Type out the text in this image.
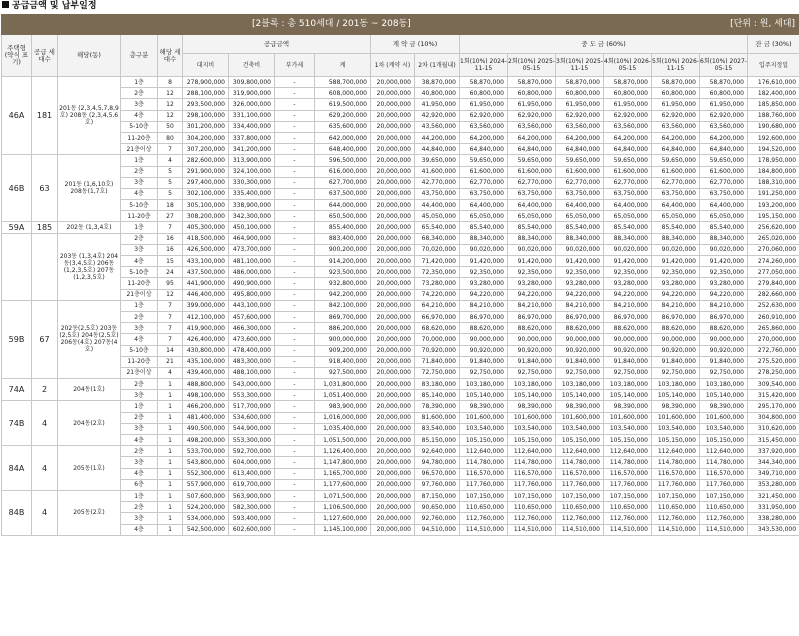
공급금액 및 납부일정
[2블록 : 총 510세대 / 201동 ~ 208동] [단위 : 원, 세대]																	

주택형 (약식 표기)	공급 세대수	해당(동)	층구분	해당 세대수	공급금액				계 약 금 (10%)		중 도 금 (60%)						잔 금 (30%)
					대지비	건축비	부가세	계	1차 (계약 시)	2차 (1개월내)	1회(10%) 2024-11-15	2회(10%) 2025-05-15	3회(10%) 2025-11-15	4회(10%) 2026-05-15	5회(10%) 2026-11-15	6회(10%) 2027-05-15	입주지정일
46A	181	201동 (2,3,4,5,7,8,9호) 208동 (2,3,4,5,6호)	1층	8	278,900,000	309,800,000	-	588,700,000	20,000,000	38,870,000	58,870,000	58,870,000	58,870,000	58,870,000	58,870,000	58,870,000	176,610,000
			2층	12	288,100,000	319,900,000	-	608,000,000	20,000,000	40,800,000	60,800,000	60,800,000	60,800,000	60,800,000	60,800,000	60,800,000	182,400,000
			3층	12	293,500,000	326,000,000	-	619,500,000	20,000,000	41,950,000	61,950,000	61,950,000	61,950,000	61,950,000	61,950,000	61,950,000	185,850,000
			4층	12	298,100,000	331,100,000	-	629,200,000	20,000,000	42,920,000	62,920,000	62,920,000	62,920,000	62,920,000	62,920,000	62,920,000	188,760,000
			5-10층	50	301,200,000	334,400,000	-	635,600,000	20,000,000	43,560,000	63,560,000	63,560,000	63,560,000	63,560,000	63,560,000	63,560,000	190,680,000
			11-20층	80	304,200,000	337,800,000	-	642,000,000	20,000,000	44,200,000	64,200,000	64,200,000	64,200,000	64,200,000	64,200,000	64,200,000	192,600,000
			21층이상	7	307,200,000	341,200,000	-	648,400,000	20,000,000	44,840,000	64,840,000	64,840,000	64,840,000	64,840,000	64,840,000	64,840,000	194,520,000
46B	63	201동 (1,6,10호) 208동(1,7호)	1층	4	282,600,000	313,900,000	-	596,500,000	20,000,000	39,650,000	59,650,000	59,650,000	59,650,000	59,650,000	59,650,000	59,650,000	178,950,000
			2층	5	291,900,000	324,100,000	-	616,000,000	20,000,000	41,600,000	61,600,000	61,600,000	61,600,000	61,600,000	61,600,000	61,600,000	184,800,000
			3층	5	297,400,000	330,300,000	-	627,700,000	20,000,000	42,770,000	62,770,000	62,770,000	62,770,000	62,770,000	62,770,000	62,770,000	188,310,000
			4층	5	302,100,000	335,400,000	-	637,500,000	20,000,000	43,750,000	63,750,000	63,750,000	63,750,000	63,750,000	63,750,000	63,750,000	191,250,000
			5-10층	18	305,100,000	338,900,000	-	644,000,000	20,000,000	44,400,000	64,400,000	64,400,000	64,400,000	64,400,000	64,400,000	64,400,000	193,200,000
			11-20층	27	308,200,000	342,300,000	-	650,500,000	20,000,000	45,050,000	65,050,000	65,050,000	65,050,000	65,050,000	65,050,000	65,050,000	195,150,000
59A	185	202동 (1,3,4호)	1층	7	405,300,000	450,100,000	-	855,400,000	20,000,000	65,540,000	85,540,000	85,540,000	85,540,000	85,540,000	85,540,000	85,540,000	256,620,000
		203동 (1,3,4호) 204동(3,4,5호) 206동 (1,2,3,5호) 207동 (1,2,3,5호)	2층	16	418,500,000	464,900,000	-	883,400,000	20,000,000	68,340,000	88,340,000	88,340,000	88,340,000	88,340,000	88,340,000	88,340,000	265,020,000
			3층	16	426,500,000	473,700,000	-	900,200,000	20,000,000	70,020,000	90,020,000	90,020,000	90,020,000	90,020,000	90,020,000	90,020,000	270,060,000
			4층	15	433,100,000	481,100,000	-	914,200,000	20,000,000	71,420,000	91,420,000	91,420,000	91,420,000	91,420,000	91,420,000	91,420,000	274,260,000
			5-10층	24	437,500,000	486,000,000	-	923,500,000	20,000,000	72,350,000	92,350,000	92,350,000	92,350,000	92,350,000	92,350,000	92,350,000	277,050,000
			11-20층	95	441,900,000	490,900,000	-	932,800,000	20,000,000	73,280,000	93,280,000	93,280,000	93,280,000	93,280,000	93,280,000	93,280,000	279,840,000
			21층이상	12	446,400,000	495,800,000	-	942,200,000	20,000,000	74,220,000	94,220,000	94,220,000	94,220,000	94,220,000	94,220,000	94,220,000	282,660,000
59B	67	202동(2,5호) 203동(2,5호) 204동(2,5호) 206동(4호) 207동(4호)	1층	7	399,000,000	443,100,000	-	842,100,000	20,000,000	64,210,000	84,210,000	84,210,000	84,210,000	84,210,000	84,210,000	84,210,000	252,630,000
			2층	7	412,100,000	457,600,000	-	869,700,000	20,000,000	66,970,000	86,970,000	86,970,000	86,970,000	86,970,000	86,970,000	86,970,000	260,910,000
			3층	7	419,900,000	466,300,000	-	886,200,000	20,000,000	68,620,000	88,620,000	88,620,000	88,620,000	88,620,000	88,620,000	88,620,000	265,860,000
			4층	7	426,400,000	473,600,000	-	900,000,000	20,000,000	70,000,000	90,000,000	90,000,000	90,000,000	90,000,000	90,000,000	90,000,000	270,000,000
			5-10층	14	430,800,000	478,400,000	-	909,200,000	20,000,000	70,920,000	90,920,000	90,920,000	90,920,000	90,920,000	90,920,000	90,920,000	272,760,000
			11-20층	21	435,100,000	483,300,000	-	918,400,000	20,000,000	71,840,000	91,840,000	91,840,000	91,840,000	91,840,000	91,840,000	91,840,000	275,520,000
			21층이상	4	439,400,000	488,100,000	-	927,500,000	20,000,000	72,750,000	92,750,000	92,750,000	92,750,000	92,750,000	92,750,000	92,750,000	278,250,000
74A	2	204동(1호)	2층	1	488,800,000	543,000,000	-	1,031,800,000	20,000,000	83,180,000	103,180,000	103,180,000	103,180,000	103,180,000	103,180,000	103,180,000	309,540,000
			3층	1	498,100,000	553,300,000	-	1,051,400,000	20,000,000	85,140,000	105,140,000	105,140,000	105,140,000	105,140,000	105,140,000	105,140,000	315,420,000
74B	4	204동(2호)	1층	1	466,200,000	517,700,000	-	983,900,000	20,000,000	78,390,000	98,390,000	98,390,000	98,390,000	98,390,000	98,390,000	98,390,000	295,170,000
			2층	1	481,400,000	534,600,000	-	1,016,000,000	20,000,000	81,600,000	101,600,000	101,600,000	101,600,000	101,600,000	101,600,000	101,600,000	304,800,000
			3층	1	490,500,000	544,900,000	-	1,035,400,000	20,000,000	83,540,000	103,540,000	103,540,000	103,540,000	103,540,000	103,540,000	103,540,000	310,620,000
			4층	1	498,200,000	553,300,000	-	1,051,500,000	20,000,000	85,150,000	105,150,000	105,150,000	105,150,000	105,150,000	105,150,000	105,150,000	315,450,000
84A	4	205동(1호)	2층	1	533,700,000	592,700,000	-	1,126,400,000	20,000,000	92,640,000	112,640,000	112,640,000	112,640,000	112,640,000	112,640,000	112,640,000	337,920,000
			3층	1	543,800,000	604,000,000	-	1,147,800,000	20,000,000	94,780,000	114,780,000	114,780,000	114,780,000	114,780,000	114,780,000	114,780,000	344,340,000
			4층	1	552,300,000	613,400,000	-	1,165,700,000	20,000,000	96,570,000	116,570,000	116,570,000	116,570,000	116,570,000	116,570,000	116,570,000	349,710,000
			6층	1	557,900,000	619,700,000	-	1,177,600,000	20,000,000	97,760,000	117,760,000	117,760,000	117,760,000	117,760,000	117,760,000	117,760,000	353,280,000
84B	4	205동(2호)	1층	1	507,600,000	563,900,000	-	1,071,500,000	20,000,000	87,150,000	107,150,000	107,150,000	107,150,000	107,150,000	107,150,000	107,150,000	321,450,000
			2층	1	524,200,000	582,300,000	-	1,106,500,000	20,000,000	90,650,000	110,650,000	110,650,000	110,650,000	110,650,000	110,650,000	110,650,000	331,950,000
			3층	1	534,000,000	593,400,000	-	1,127,600,000	20,000,000	92,760,000	112,760,000	112,760,000	112,760,000	112,760,000	112,760,000	112,760,000	338,280,000
			4층	1	542,500,000	602,600,000	-	1,145,100,000	20,000,000	94,510,000	114,510,000	114,510,000	114,510,000	114,510,000	114,510,000	114,510,000	343,530,000
